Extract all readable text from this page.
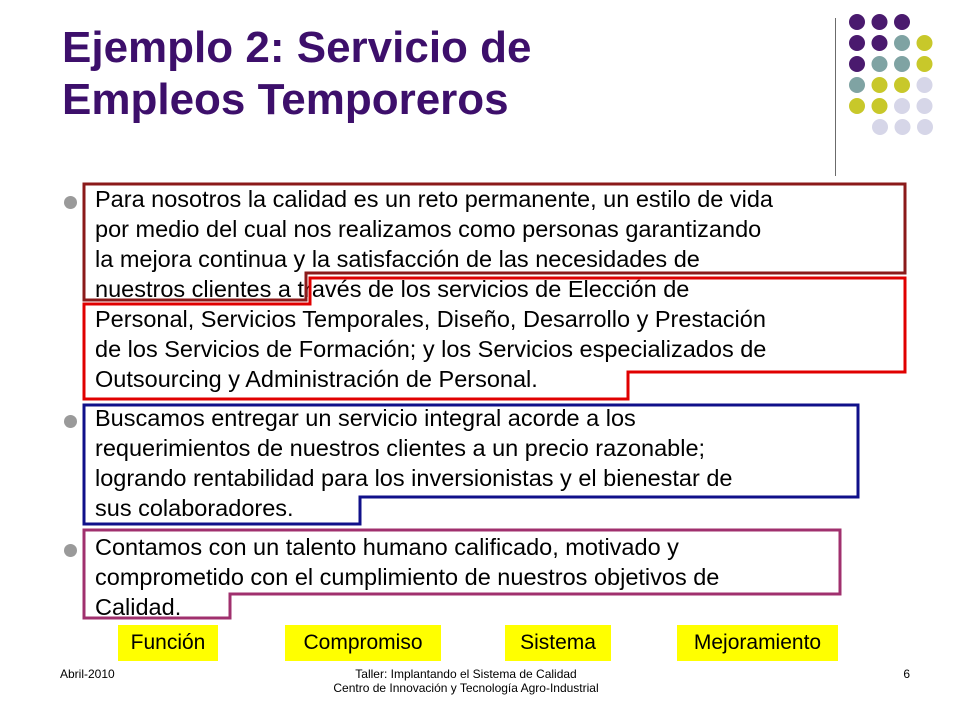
Ejemplo 2: Servicio de
Empleos Temporeros

Para nosotros la calidad es un reto permanente, un estilo de vida
por medio del cual nos realizamos como personas garantizando
la mejora continua y la satisfacción de las necesidades de
nuestros clientes a través de los servicios de Elección de
Personal, Servicios Temporales, Diseño, Desarrollo y Prestación
de los Servicios de Formación; y los Servicios especializados de
Outsourcing y Administración de Personal.

Buscamos entregar un servicio integral acorde a los
requerimientos de nuestros clientes a un precio razonable;
logrando rentabilidad para los inversionistas y el bienestar de
sus colaboradores.

Contamos con un talento humano calificado, motivado y
comprometido con el cumplimiento de nuestros objetivos de
Calidad.

Función	Compromiso	Sistema	Mejoramiento
Abril-2010	Taller: Implantando el Sistema de Calidad
Centro de Innovación y Tecnología Agro-Industrial
6
